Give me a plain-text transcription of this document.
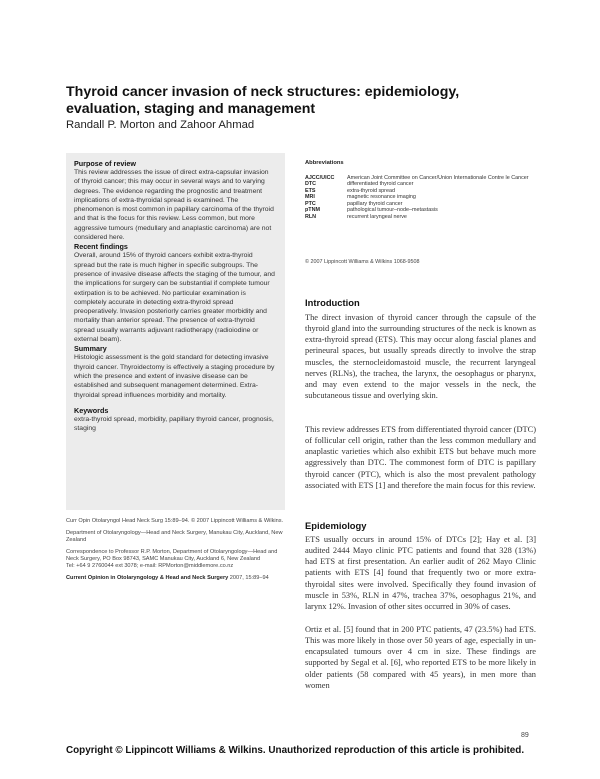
Thyroid cancer invasion of neck structures: epidemiology, evaluation, staging and management

Randall P. Morton and Zahoor Ahmad

Purpose of review

This review addresses the issue of direct extra-capsular invasion of thyroid cancer; this may occur in several ways and to varying degrees. The evidence regarding the prognostic and treatment implications of extra-thyroidal spread is examined. The phenomenon is most common in papillary carcinoma of the thyroid and that is the focus for this review. Less common, but more aggressive tumours (medullary and anaplastic carcinoma) are not considered here.

Recent findings

Overall, around 15% of thyroid cancers exhibit extra-thyroid spread but the rate is much higher in specific subgroups. The presence of invasive disease affects the staging of the tumour, and the implications for surgery can be substantial if complete tumour extirpation is to be achieved. No particular examination is completely accurate in detecting extra-thyroid spread preoperatively. Invasion posteriorly carries greater morbidity and mortality than anterior spread. The presence of extra-thyroid spread usually warrants adjuvant radiotherapy (radioiodine or external beam).

Summary

Histologic assessment is the gold standard for detecting invasive thyroid cancer. Thyroidectomy is effectively a staging procedure by which the presence and extent of invasive disease can be established and subsequent management determined. Extra-thyroidal spread influences morbidity and mortality.

Keywords

extra-thyroid spread, morbidity, papillary thyroid cancer, prognosis, staging

Curr Opin Otolaryngol Head Neck Surg 15:89–94. © 2007 Lippincott Williams & Wilkins.

Department of Otolaryngology—Head and Neck Surgery, Manukau City, Auckland, New Zealand

Correspondence to Professor R.P. Morton, Department of Otolaryngology—Head and Neck Surgery, PO Box 98743, SAMC Manukau City, Auckland 6, New Zealand
Tel: +64 9 2760044 ext 3078; e-mail: RPMorton@middlemore.co.nz

Current Opinion in Otolaryngology & Head and Neck Surgery 2007, 15:89–94

Abbreviations

AJCC/UICC	American Joint Committee on Cancer/Union Internationale Contre le Cancer
DTC	differentiated thyroid cancer
ETS	extra-thyroid spread
MRI	magnetic resonance imaging
PTC	papillary thyroid cancer
pTNM	pathological tumour–node–metastasis
RLN	recurrent laryngeal nerve

© 2007 Lippincott Williams & Wilkins 1068-9508

Introduction

The direct invasion of thyroid cancer through the capsule of the thyroid gland into the surrounding structures of the neck is known as extra-thyroid spread (ETS). This may occur along fascial planes and perineural spaces, but usually spreads directly to involve the strap muscles, the sternocleidomastoid muscle, the recurrent laryngeal nerves (RLNs), the trachea, the larynx, the oesophagus or pharynx, and may even extend to the major vessels in the neck, the subcutaneous tissue and overlying skin.

This review addresses ETS from differentiated thyroid cancer (DTC) of follicular cell origin, rather than the less common medullary and anaplastic varieties which also exhibit ETS but behave much more aggressively than DTC. The commonest form of DTC is papillary thyroid cancer (PTC), which is also the most prevalent pathology associated with ETS [1] and therefore the main focus for this review.

Epidemiology

ETS usually occurs in around 15% of DTCs [2]; Hay et al. [3] audited 2444 Mayo clinic PTC patients and found that 328 (13%) had ETS at first presentation. An earlier audit of 262 Mayo Clinic patients with ETS [4] found that frequently two or more extra-thyroidal sites were involved. Specifically they found invasion of muscle in 53%, RLN in 47%, trachea 37%, oesophagus 21%, and larynx 12%. Invasion of other sites occurred in 30% of cases.

Ortiz et al. [5] found that in 200 PTC patients, 47 (23.5%) had ETS. This was more likely in those over 50 years of age, especially in un-encapsulated tumours over 4 cm in size. These findings are supported by Segal et al. [6], who reported ETS to be more likely in older patients (58 compared with 45 years), in men more than women

89

Copyright © Lippincott Williams & Wilkins. Unauthorized reproduction of this article is prohibited.
